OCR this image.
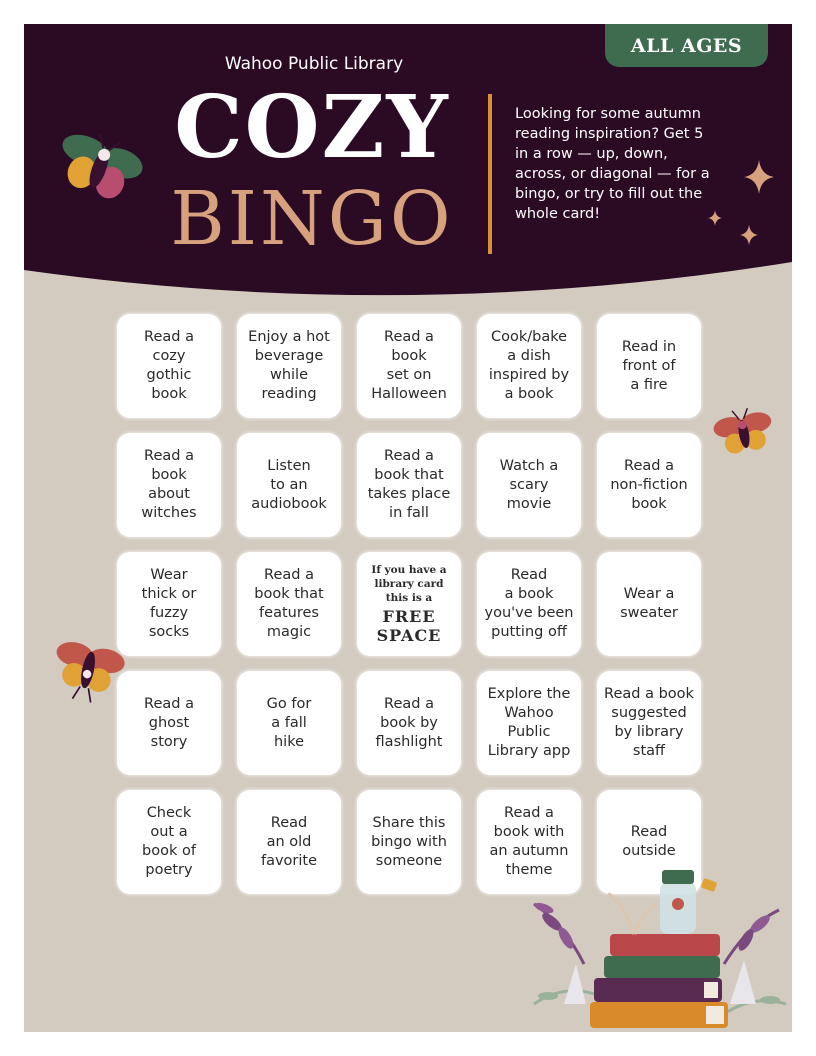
ALL AGES
Wahoo Public Library
COZY
BINGO
Looking for some autumn reading inspiration? Get 5 in a row — up, down, across, or diagonal — for a bingo, or try to fill out the whole card!
Read a
cozy
gothic
book
Enjoy a hot
beverage
while
reading
Read a
book
set on
Halloween
Cook/bake
a dish
inspired by
a book
Read in
front of
a fire
Read a
book
about
witches
Listen
to an
audiobook
Read a
book that
takes place
in fall
Watch a
scary
movie
Read a
non-fiction
book
Wear
thick or
fuzzy
socks
Read a
book that
features
magic
If you have a
library card
this is a
FREE
SPACE
Read
a book
you've been
putting off
Wear a
sweater
Read a
ghost
story
Go for
a fall
hike
Read a
book by
flashlight
Explore the
Wahoo
Public
Library app
Read a book
suggested
by library
staff
Check
out a
book of
poetry
Read
an old
favorite
Share this
bingo with
someone
Read a
book with
an autumn
theme
Read
outside
